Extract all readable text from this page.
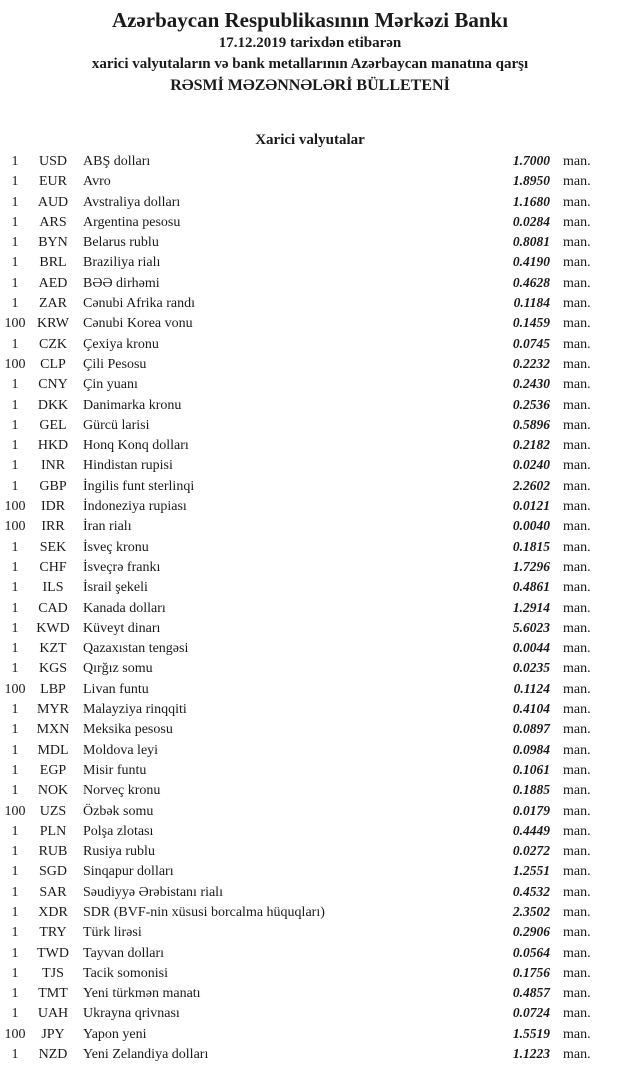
Azərbaycan Respublikasının Mərkəzi Bankı
17.12.2019 tarixdən etibarən
xarici valyutaların və bank metallarının Azərbaycan manatına qarşı
RƏSMİ MƏZƏNNƏLƏRİ BÜLLETENİ
Xarici valyutalar
1	USD	ABŞ dolları	1.7000 man.
1	EUR	Avro	1.8950 man.
1	AUD	Avstraliya dolları	1.1680 man.
1	ARS	Argentina pesosu	0.0284 man.
1	BYN	Belarus rublu	0.8081 man.
1	BRL	Braziliya rialı	0.4190 man.
1	AED	BƏƏ dirhəmi	0.4628 man.
1	ZAR	Cənubi Afrika randı	0.1184 man.
100 KRW	Cənubi Korea vonu	0.1459 man.
1	CZK	Çexiya kronu	0.0745 man.
100	CLP	Çili Pesosu	0.2232 man.
1	CNY	Çin yuanı	0.2430 man.
1	DKK	Danimarka kronu	0.2536 man.
1	GEL	Gürcü larisi	0.5896 man.
1	HKD	Honq Konq dolları	0.2182 man.
1	INR	Hindistan rupisi	0.0240 man.
1	GBP	İngilis funt sterlinqi	2.2602 man.
100	IDR	İndoneziya rupiası	0.0121 man.
100	IRR	İran rialı	0.0040 man.
1	SEK	İsveç kronu	0.1815 man.
1	CHF	İsveçrə frankı	1.7296 man.
1	ILS	İsrail şekeli	0.4861 man.
1	CAD	Kanada dolları	1.2914 man.
1	KWD Küveyt dinarı	5.6023 man.
1	KZT	Qazaxıstan tengəsi	0.0044 man.
1	KGS	Qırğız somu	0.0235 man.
100	LBP	Livan funtu	0.1124 man.
1	MYR	Malayziya rinqqiti	0.4104 man.
1	MXN Meksika pesosu	0.0897 man.
1	MDL	Moldova leyi	0.0984 man.
1	EGP	Misir funtu	0.1061 man.
1	NOK	Norveç kronu	0.1885 man.
100	UZS	Özbək somu	0.0179 man.
1	PLN	Polşa zlotası	0.4449 man.
1	RUB	Rusiya rublu	0.0272 man.
1	SGD	Sinqapur dolları	1.2551 man.
1	SAR	Səudiyyə Ərəbistanı rialı	0.4532 man.
1	XDR	SDR (BVF-nin xüsusi borcalma hüquqları)	2.3502 man.
1	TRY	Türk lirəsi	0.2906 man.
1	TWD	Tayvan dolları	0.0564 man.
1	TJS	Tacik somonisi	0.1756 man.
1	TMT	Yeni türkmən manatı	0.4857 man.
1	UAH	Ukrayna qrivnası	0.0724 man.
100	JPY	Yapon yeni	1.5519 man.
1	NZD	Yeni Zelandiya dolları	1.1223 man.
